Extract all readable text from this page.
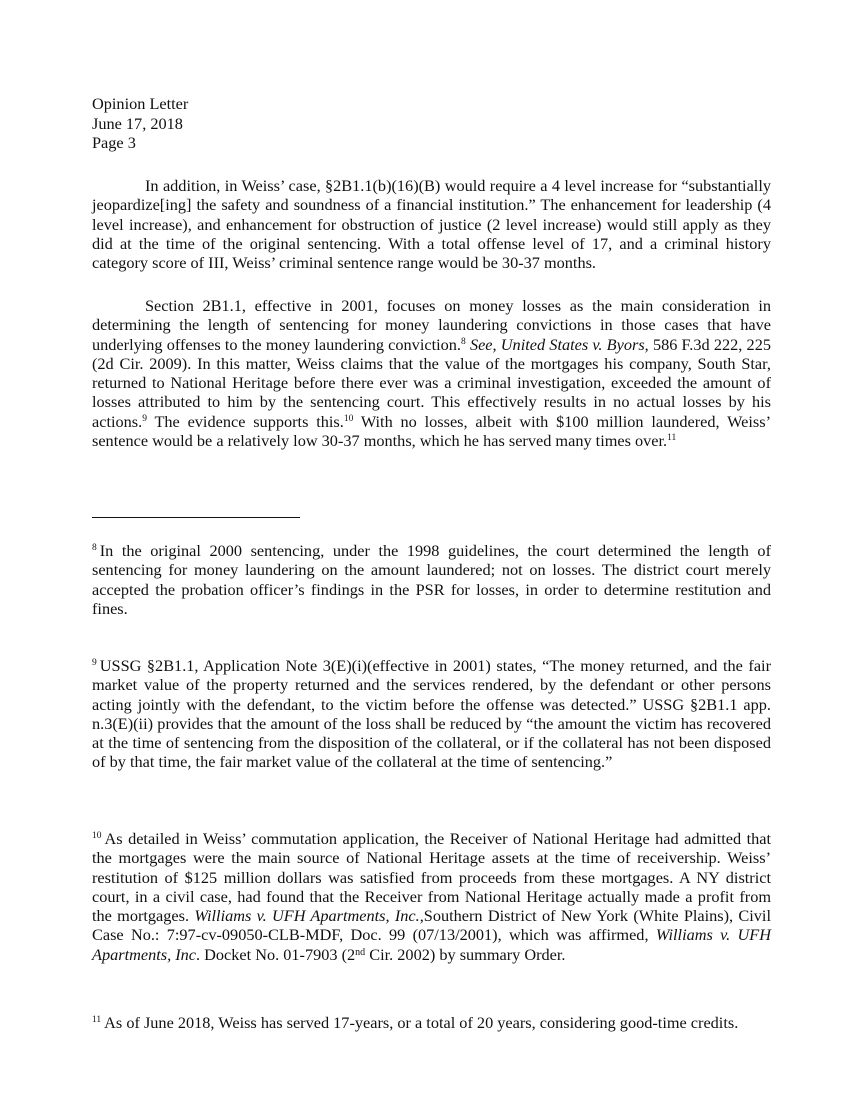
Opinion Letter
June 17, 2018
Page 3

In addition, in Weiss’ case, §2B1.1(b)(16)(B) would require a 4 level increase for “substantially jeopardize[ing] the safety and soundness of a financial institution.” The enhancement for leadership (4 level increase), and enhancement for obstruction of justice (2 level increase) would still apply as they did at the time of the original sentencing. With a total offense level of 17, and a criminal history category score of III, Weiss’ criminal sentence range would be 30-37 months.

Section 2B1.1, effective in 2001, focuses on money losses as the main consideration in determining the length of sentencing for money laundering convictions in those cases that have underlying offenses to the money laundering conviction.$^8$ See, United States v. Byors, 586 F.3d 222, 225 (2d Cir. 2009). In this matter, Weiss claims that the value of the mortgages his company, South Star, returned to National Heritage before there ever was a criminal investigation, exceeded the amount of losses attributed to him by the sentencing court. This effectively results in no actual losses by his actions.$^9$ The evidence supports this.$^{10}$ With no losses, albeit with $100 million laundered, Weiss’ sentence would be a relatively low 30-37 months, which he has served many times over.$^{11}$

$^8$ In the original 2000 sentencing, under the 1998 guidelines, the court determined the length of sentencing for money laundering on the amount laundered; not on losses. The district court merely accepted the probation officer’s findings in the PSR for losses, in order to determine restitution and fines.

$^9$ USSG §2B1.1, Application Note 3(E)(i)(effective in 2001) states, “The money returned, and the fair market value of the property returned and the services rendered, by the defendant or other persons acting jointly with the defendant, to the victim before the offense was detected.” USSG §2B1.1 app. n.3(E)(ii) provides that the amount of the loss shall be reduced by “the amount the victim has recovered at the time of sentencing from the disposition of the collateral, or if the collateral has not been disposed of by that time, the fair market value of the collateral at the time of sentencing.”

$^{10}$ As detailed in Weiss’ commutation application, the Receiver of National Heritage had admitted that the mortgages were the main source of National Heritage assets at the time of receivership. Weiss’ restitution of $125 million dollars was satisfied from proceeds from these mortgages. A NY district court, in a civil case, had found that the Receiver from National Heritage actually made a profit from the mortgages. Williams v. UFH Apartments, Inc.,Southern District of New York (White Plains), Civil Case No.: 7:97-cv-09050-CLB-MDF, Doc. 99 (07/13/2001), which was affirmed, Williams v. UFH Apartments, Inc. Docket No. 01-7903 (2nd Cir. 2002) by summary Order.

$^{11}$ As of June 2018, Weiss has served 17-years, or a total of 20 years, considering good-time credits.
